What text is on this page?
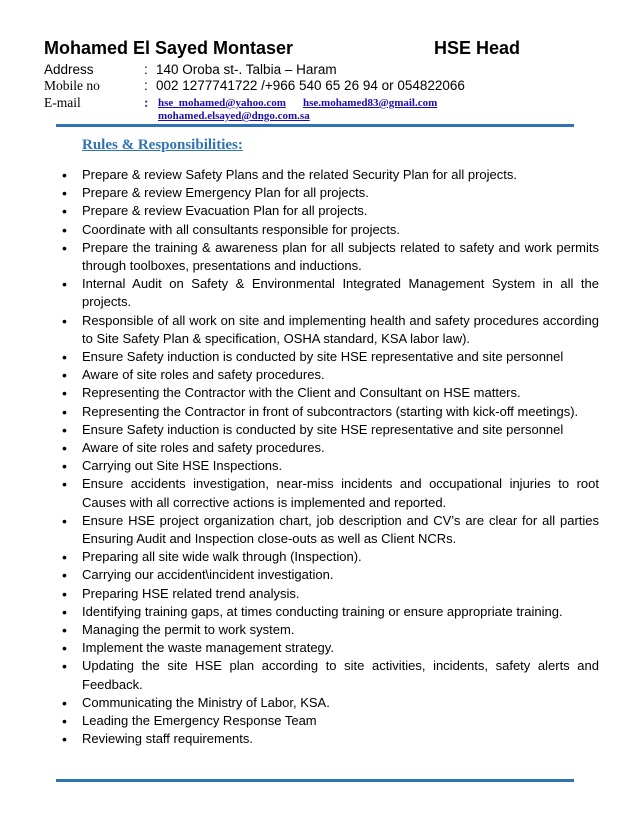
Mohamed El Sayed Montaser	HSE Head
Address	: 140 Oroba st-. Talbia – Haram
Mobile no	: 002 1277741722 /+966 540 65 26 94 or 054822066
E-mail	: hse_mohamed@yahoo.com hse.mohamed83@gmail.com
mohamed.elsayed@dngo.com.sa
Rules & Responsibilities:
• Prepare & review Safety Plans and the related Security Plan for all projects.
• Prepare & review Emergency Plan for all projects.
• Prepare & review Evacuation Plan for all projects.
• Coordinate with all consultants responsible for projects.
• Prepare the training & awareness plan for all subjects related to safety and work permits through toolboxes, presentations and inductions.
• Internal Audit on Safety & Environmental Integrated Management System in all the projects.
• Responsible of all work on site and implementing health and safety procedures according to Site Safety Plan & specification, OSHA standard, KSA labor law).
• Ensure Safety induction is conducted by site HSE representative and site personnel
• Aware of site roles and safety procedures.
• Representing the Contractor with the Client and Consultant on HSE matters.
• Representing the Contractor in front of subcontractors (starting with kick-off meetings).
• Ensure Safety induction is conducted by site HSE representative and site personnel
• Aware of site roles and safety procedures.
• Carrying out Site HSE Inspections.
• Ensure accidents investigation, near-miss incidents and occupational injuries to root Causes with all corrective actions is implemented and reported.
• Ensure HSE project organization chart, job description and CV’s are clear for all parties Ensuring Audit and Inspection close-outs as well as Client NCRs.
• Preparing all site wide walk through (Inspection).
• Carrying our accident\incident investigation.
• Preparing HSE related trend analysis.
• Identifying training gaps, at times conducting training or ensure appropriate training.
• Managing the permit to work system.
• Implement the waste management strategy.
• Updating the site HSE plan according to site activities, incidents, safety alerts and Feedback.
• Communicating the Ministry of Labor, KSA.
• Leading the Emergency Response Team
• Reviewing staff requirements.
